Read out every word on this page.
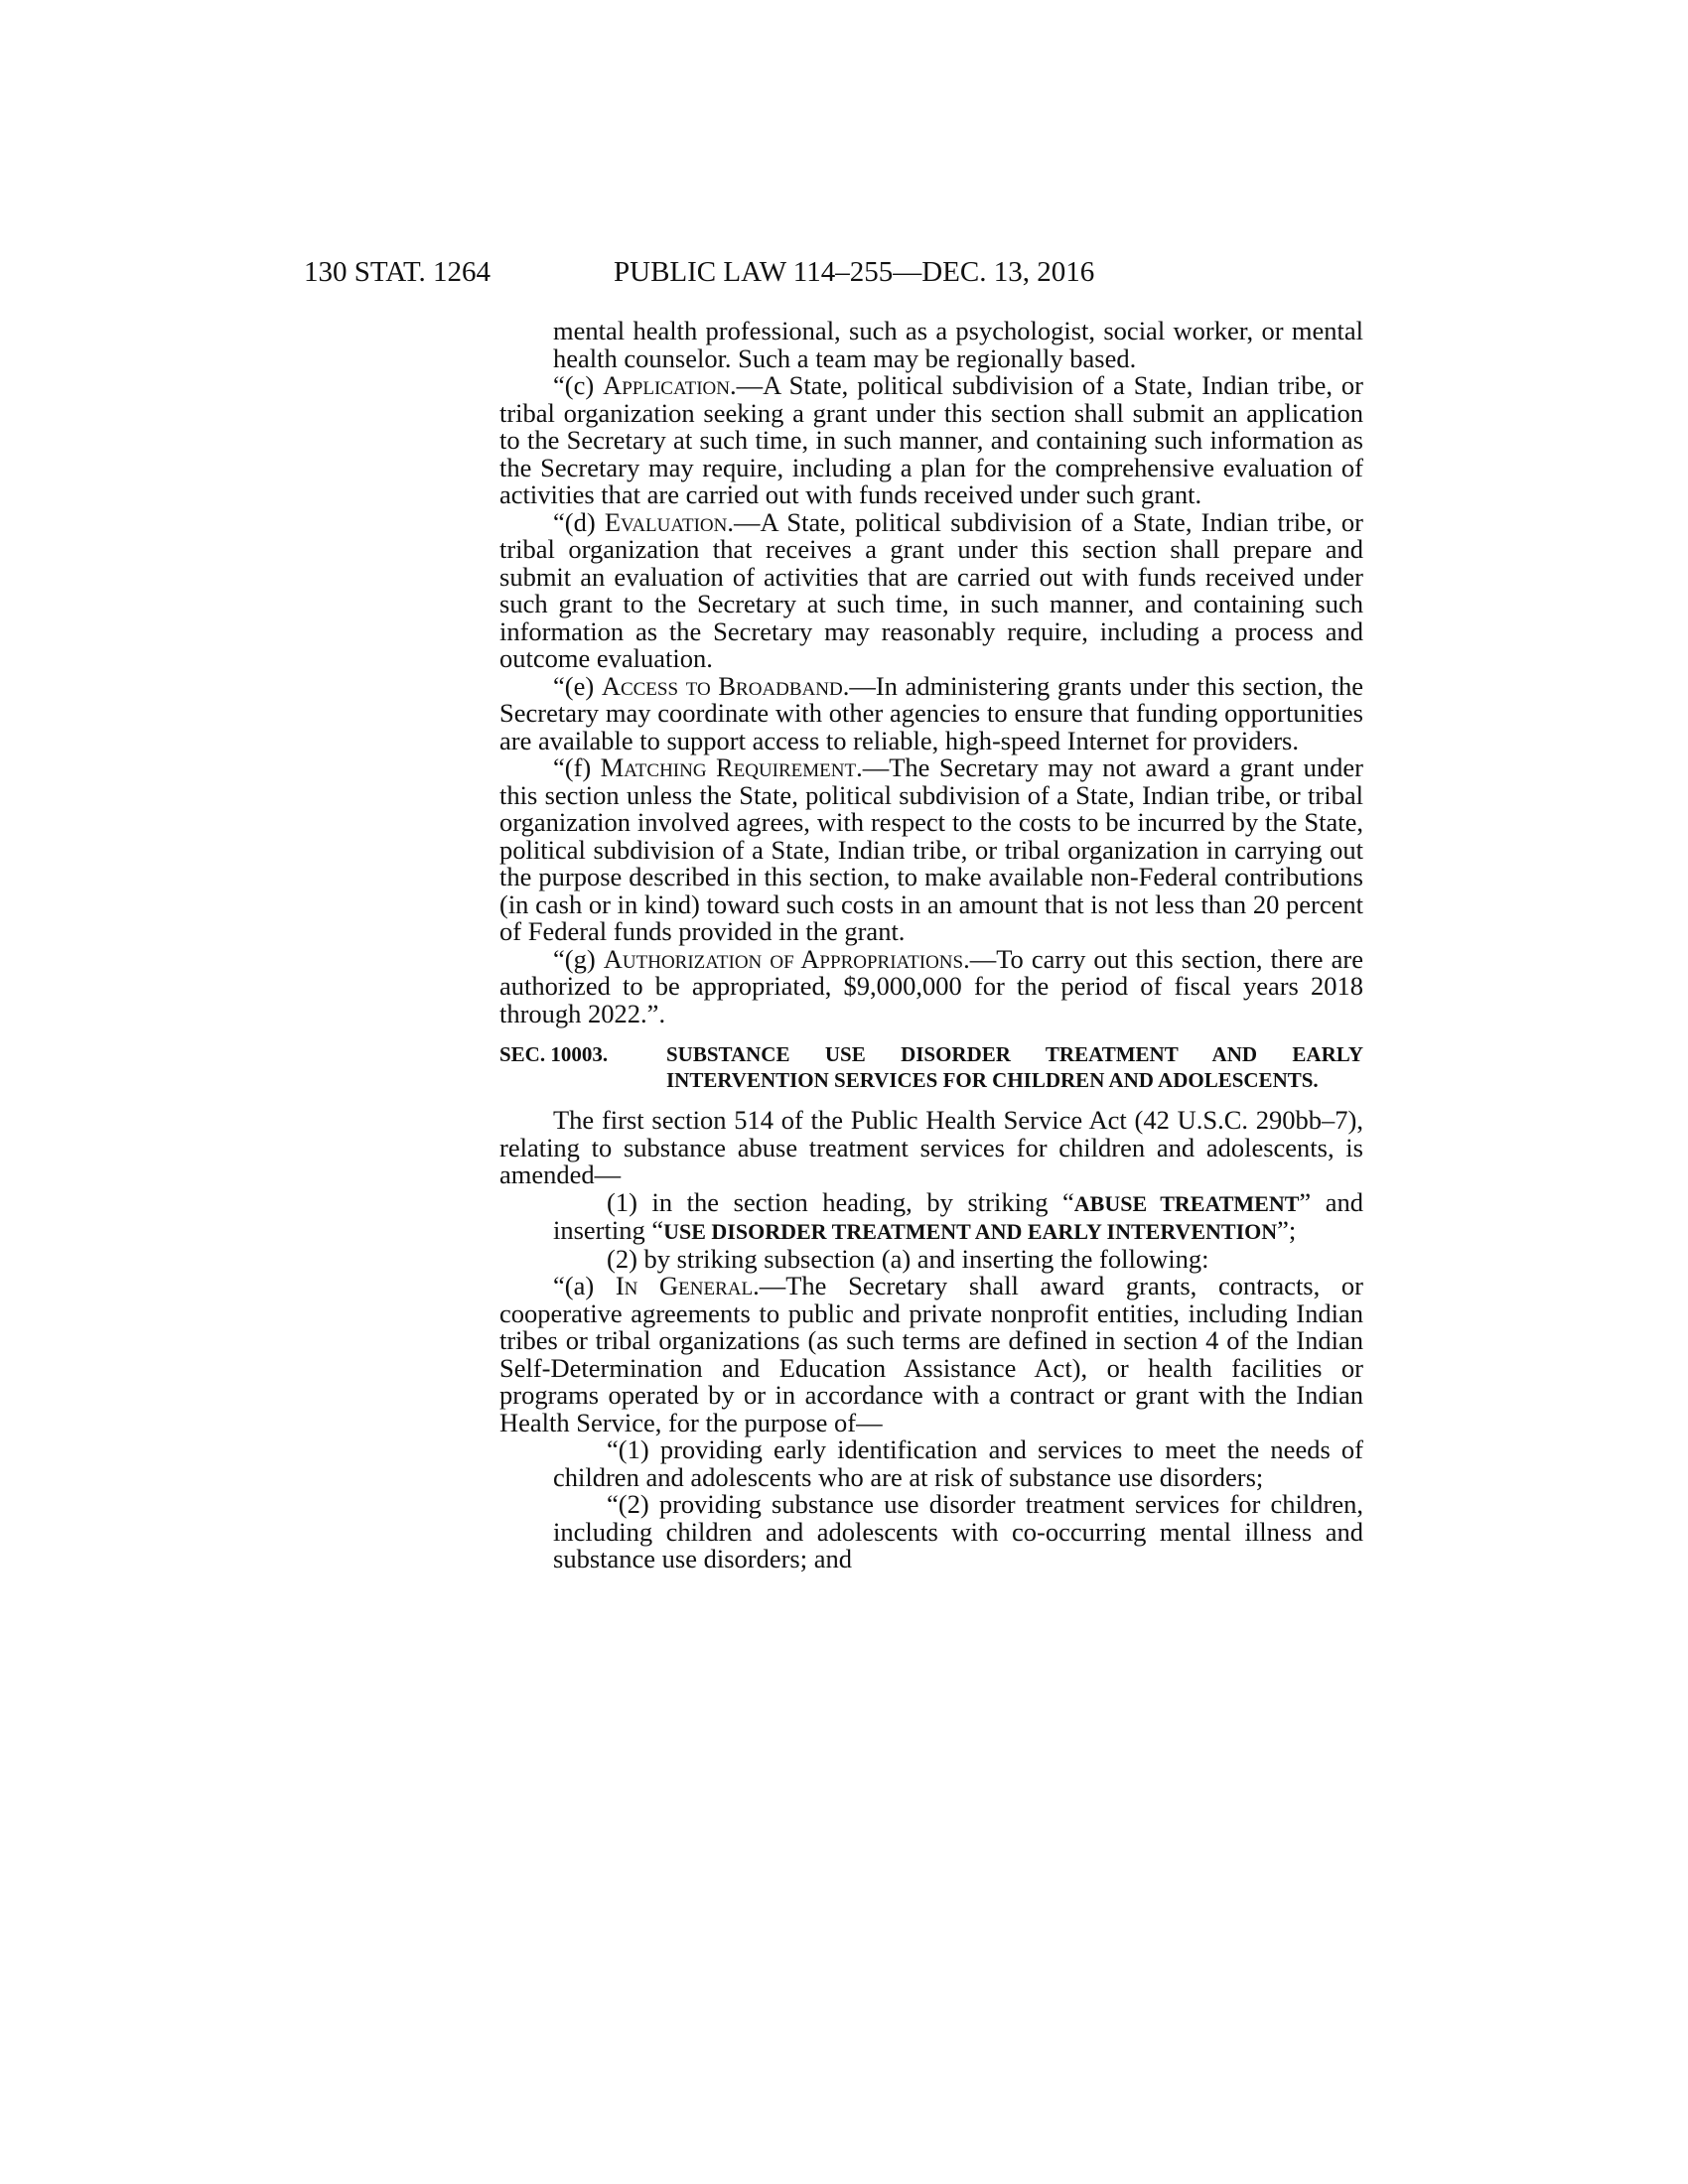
130 STAT. 1264	PUBLIC LAW 114–255—DEC. 13, 2016

mental health professional, such as a psychologist, social worker, or mental health counselor. Such a team may be regionally based.

“(c) Application.—A State, political subdivision of a State, Indian tribe, or tribal organization seeking a grant under this section shall submit an application to the Secretary at such time, in such manner, and containing such information as the Secretary may require, including a plan for the comprehensive evaluation of activities that are carried out with funds received under such grant.

“(d) Evaluation.—A State, political subdivision of a State, Indian tribe, or tribal organization that receives a grant under this section shall prepare and submit an evaluation of activities that are carried out with funds received under such grant to the Secretary at such time, in such manner, and containing such information as the Secretary may reasonably require, including a process and outcome evaluation.

“(e) Access to Broadband.—In administering grants under this section, the Secretary may coordinate with other agencies to ensure that funding opportunities are available to support access to reliable, high-speed Internet for providers.

“(f) Matching Requirement.—The Secretary may not award a grant under this section unless the State, political subdivision of a State, Indian tribe, or tribal organization involved agrees, with respect to the costs to be incurred by the State, political subdivision of a State, Indian tribe, or tribal organization in carrying out the purpose described in this section, to make available non-Federal contributions (in cash or in kind) toward such costs in an amount that is not less than 20 percent of Federal funds provided in the grant.

“(g) Authorization of Appropriations.—To carry out this section, there are authorized to be appropriated, $9,000,000 for the period of fiscal years 2018 through 2022.”.

SEC. 10003.	SUBSTANCE USE DISORDER TREATMENT AND EARLY INTERVENTION SERVICES FOR CHILDREN AND ADOLESCENTS.

The first section 514 of the Public Health Service Act (42 U.S.C. 290bb–7), relating to substance abuse treatment services for children and adolescents, is amended—

(1) in the section heading, by striking “ABUSE TREATMENT” and inserting “USE DISORDER TREATMENT AND EARLY INTERVENTION”;

(2) by striking subsection (a) and inserting the following:

“(a) In General.—The Secretary shall award grants, contracts, or cooperative agreements to public and private nonprofit entities, including Indian tribes or tribal organizations (as such terms are defined in section 4 of the Indian Self-Determination and Education Assistance Act), or health facilities or programs operated by or in accordance with a contract or grant with the Indian Health Service, for the purpose of—

“(1) providing early identification and services to meet the needs of children and adolescents who are at risk of substance use disorders;

“(2) providing substance use disorder treatment services for children, including children and adolescents with co-occurring mental illness and substance use disorders; and
